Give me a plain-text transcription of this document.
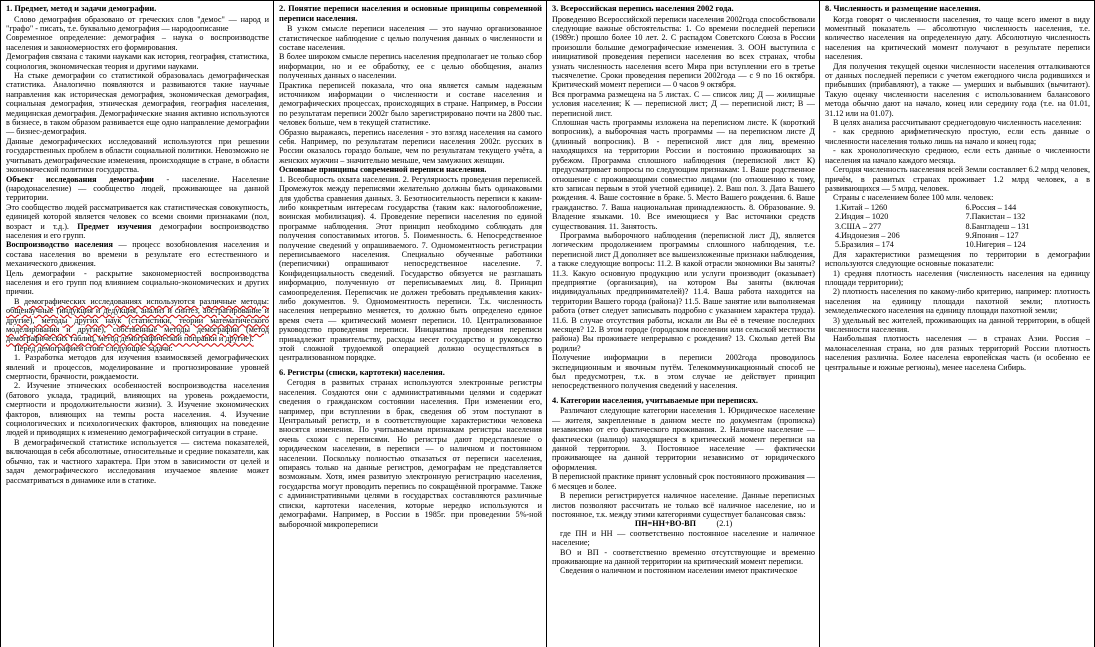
1. Предмет, метод и задачи демографии.

Слово демография образовано от греческих слов "демос" — народ и "графо" - писать, т.е. буквально демография — народоописание

Современное определение: демография – наука о воспроизводстве населения и закономерностях его формирования.

Демография связана с такими науками как история, география, статистика, социология, экономическая теория и другими науками.

На стыке демографии со статистикой образовалась демографическая статистика. Аналогично появляются и развиваются такие научные направления как историческая демография, экономическая демография, социальная демография, этническая демография, география населения, медицинская демография. Демографические знания активно используются в бизнесе, в таком образом развивается еще одно направление демографии — бизнес-демография.

Данные демографических исследований используются при решении государственных проблем в области социальной политики. Невозможно не учитывать демографические изменения, происходящие в стране, в области экономической политики государства.

Объект исследования демографии - население. Население (народонаселение) — сообщество людей, проживающее на данной территории.

Это сообщество людей рассматривается как статистическая совокупность, единицей которой является человек со всеми своими признаками (пол, возраст и т.д.). Предмет изучения демографии воспроизводство населения и его групп.

Воспроизводство населения — процесс возобновления населения и состава населения во времени в результате его естественного и механического движения.

Цель демографии - раскрытие закономерностей воспроизводства населения и его групп под влиянием социально-экономических и других причин.

В демографических исследованиях используются различные методы: общенаучные (индукция и дедукция, анализ и синтез, абстрагирование и другие), методы других наук (статистики, теории математического моделирования и другие), собственные методы демографии (метод демографических таблиц, метод демографической поправки и другие).

Перед демографией стоят следующие задачи:

1. Разработка методов для изучения взаимосвязей демографических явлений и процессов, моделирование и прогнозирование уровней смертности, брачности, рождаемости.

2. Изучение этнических особенностей воспроизводства населения (батового уклада, традиций, влияющих на уровень рождаемости, смертности и продолжительности жизни). 3. Изучение экономических факторов, влияющих на темпы роста населения. 4. Изучение социологических и психологических факторов, влияющих на поведение людей и приводящих к изменению демографической ситуации в стране.

В демографической статистике используется — система показателей, включающая в себя абсолютные, относительные и средние показатели, как обычно, так и частного характера. При этом в зависимости от целей и задач демографического исследования изучаемое явление может рассматриваться в динамике или в статике.

2. Понятие переписи населения и основные принципы современной переписи населения.

В узком смысле переписи населения — это научно организованное статистическое наблюдение с целью получения данных о численности и составе населения.

В более широком смысле перепись населения предполагает не только сбор информации, но и ее обработку, ее с целью обобщения, анализ полученных данных о населении.

Практика переписей показала, что она является самым надежным источником информации о численности и составе населения и демографических процессах, происходящих в стране. Например, в России по результатам переписи 2002г было зарегистрировано почти на 2800 тыс. человек больше, чем в текущей статистике.

Образно выражаясь, перепись населения - это взгляд населения на самого себя. Например, по результатам переписи населения 2002г. русских в России оказалось гораздо больше, чем по результатам текущего учёта, а женских мужчин – значительно меньше, чем замужних женщин.

Основные принципы современной переписи населения.

1. Всеобщность охвата населения. 2. Регулярность проведения переписей. Промежуток между переписями желательно должны быть одинаковыми для удобства сравнения данных. 3. Безотносительность переписи к каким-либо конкретным интересам государства (таким как: налогообложение, воинская мобилизация). 4. Проведение переписи населения по единой программе наблюдения. Этот принцип необходимо соблюдать для получения сопоставимых итогов. 5. Поименность. 6. Непосредственное получение сведений у опрашиваемого. 7. Одномоментность регистрации переписываемого населения. Специально обученные работники (переписчики) опрашивают непосредственное население. 7. Конфиденциальность сведений. Государство обязуется не разглашать информацию, полученную от переписываемых лиц. 8. Принцип самоопределения. Переписчик не должен требовать предъявления каких-либо документов. 9. Одномоментность переписи. Т.к. численность населения непрерывно меняется, то должно быть определено единое время счета — критический момент переписи. 10. Централизованное руководство проведения переписи. Инициатива проведения переписи принадлежит правительству, расходы несет государство и руководство этой сложной трудоемкой операцией должно осуществляться в централизованном порядке.

6. Регистры (списки, картотеки) населения.

Сегодня в развитых странах используются электронные регистры населения. Создаются они с административными целями и содержат сведения о гражданском состоянии населения. При изменении его, например, при вступлении в брак, сведения об этом поступают в Центральный регистр, и в соответствующие характеристики человека вносятся изменения. По учитываемым признакам регистры населения очень схожи с переписями. Но регистры дают представление о юридическом населении, в переписи — о наличном и постоянном населении. Поскольку полностью отказаться от переписи населения, опираясь только на данные регистров, демографам не представляется возможным. Хотя, имея развитую электронную регистрацию населения, государства могут проводить перепись по сокращённой программе. Также с административными целями в государствах составляются различные списки, картотеки населения, которые нередко используются и демографами. Например, в России в 1985г. при проведении 5%-ной выборочной микропереписи

3. Всероссийская перепись населения 2002 года.

Проведению Всероссийской переписи населения 2002года способствовали следующие важные обстоятельства: 1. Со времени последней переписи (1989г.) прошло более 10 лет. 2. С распадом Советского Союза в России произошли большие демографические изменения. 3. ООН выступила с инициативой проведения переписи населения во всех странах, чтобы узнать численность населения всего Мира при вступлении его в третье тысячелетие. Сроки проведения переписи 2002года — с 9 по 16 октября. Критический момент переписи — 0 часов 9 октября.

Вся программа размещена на 5 листах. С — список лиц; Д — жилищные условия населения; К — переписной лист; Д — переписной лист; В — переписной лист.

Сплошная часть программы изложена на переписном листе. К (короткий вопросник), а выборочная часть программы — на переписном листе Д (длинный вопросник). В - переписной лист для лиц, временно находящихся на территории России и постоянно проживающих за рубежом. Программа сплошного наблюдения (переписной лист К) предусматривает вопросы по следующим признакам: 1. Ваше родственное отношение с проживающими совместно лицами (по отношению к тому, кто записан первым в этой учетной единице). 2. Ваш пол. 3. Дата Вашего рождения. 4. Ваше состояние в браке. 5. Место Вашего рождения. 6. Ваше гражданство. 7. Ваша национальная принадлежность. 8. Образование. 9. Владение языками. 10. Все имеющиеся у Вас источники средств существования. 11. Занятость.

Программа выборочного наблюдения (переписной лист Д), является логическим продолжением программы сплошного наблюдения, т.е. переписной лист Д дополняет все вышеизложенные признаки наблюдения, а также следующие вопросы: 11.2. В какой отрасли экономики Вы заняты? 11.3. Какую основную продукцию или услуги производит (оказывает) предприятие (организация), на котором Вы заняты (включая индивидуальных предпринимателей)? 11.4. Ваша работа находится на территории Вашего города (района)? 11.5. Ваше занятие или выполняемая работа (ответ следует записывать подробно с указанием характера труда). 11.6. В случае отсутствия работы, искали ли Вы её в течение последних месяцев? 12. В этом городе (городском поселении или сельской местности района) Вы проживаете непрерывно с рождения? 13. Сколько детей Вы родили?

Получение информации в переписи 2002года проводилось экспедиционным и явочным путём. Телекоммуникационный способ не был предусмотрен, т.к. в этом случае не действует принцип непосредственного получения сведений у населения.

4. Категории населения, учитываемые при переписях.

Различают следующие категории населения 1. Юридическое население — жителя, закрепленные в данном месте по документам (прописка) независимо от его фактического проживания. 2. Наличное население — фактически (налицо) находящиеся в критический момент переписи на данной территории. 3. Постоянное население — фактически проживающее на данной территории независимо от юридического оформления.

В переписной практике принят условный срок постоянного проживания — 6 месяцев и более.

В переписи регистрируется наличное население. Данные переписных листов позволяют рассчитать не только всё наличное население, но и постоянное, т.к. между этими категориями существует балансовая связь:

ПН=НН+ВО-ВП (2.1)

где ПН и НН — соответственно постоянное население и наличное население;

ВО и ВП - соответственно временно отсутствующие и временно проживающие на данной территории на критический момент переписи.

Сведения о наличном и постоянном населении имеют практическое

8. Численность и размещение населения.

Когда говорят о численности населения, то чаще всего имеют в виду моментный показатель — абсолютную численность населения, т.е. количество населения на определенную дату. Абсолютную численность населения на критический момент получают в результате переписи населения.

Для получения текущей оценки численности населения отталкиваются от данных последней переписи с учетом ежегодного числа родившихся и прибывших (прибавляют), а также — умерших и выбывших (вычитают). Такую оценку численности населения с использованием балансового метода обычно дают на начало, конец или середину года (т.е. на 01.01, 31.12 или на 01.07).

В целях анализа рассчитывают среднегодовую численность населения:

- как среднюю арифметическую простую, если есть данные о численности населения только лишь на начало и конец года;

- как хронологическую среднюю, если есть данные о численности населения на начало каждого месяца.

Сегодня численность населения всей Земли составляет 6.2 млрд человек, причём, в развитых странах проживает 1.2 млрд человек, а в развивающихся — 5 млрд. человек.

Страны с населением более 100 млн. человек:

1.Китай – 1260	6.Россия – 144
2.Индия – 1020	7.Пакистан – 132
3.США – 277	8.Бангладеш – 131
4.Индонезия – 206	9.Япония – 127
5.Бразилия – 174	10.Нигерия – 124

Для характеристики размещения по территории в демографии используются следующие основные показатели:

1) средняя плотность населения (численность населения на единицу площади территории);

2) плотность населения по какому-либо критерию, например: плотность населения на единицу площади пахотной земли; плотность земледельческого населения на единицу площади пахотной земли;

3) удельный вес жителей, проживающих на данной территории, в общей численности населения.

Наибольшая плотность населения — в странах Азии. Россия – малонаселенная страна, но для разных территорий России плотность населения различна. Более населена европейская часть (и особенно ее центральные и южные регионы), менее населена Сибирь.
